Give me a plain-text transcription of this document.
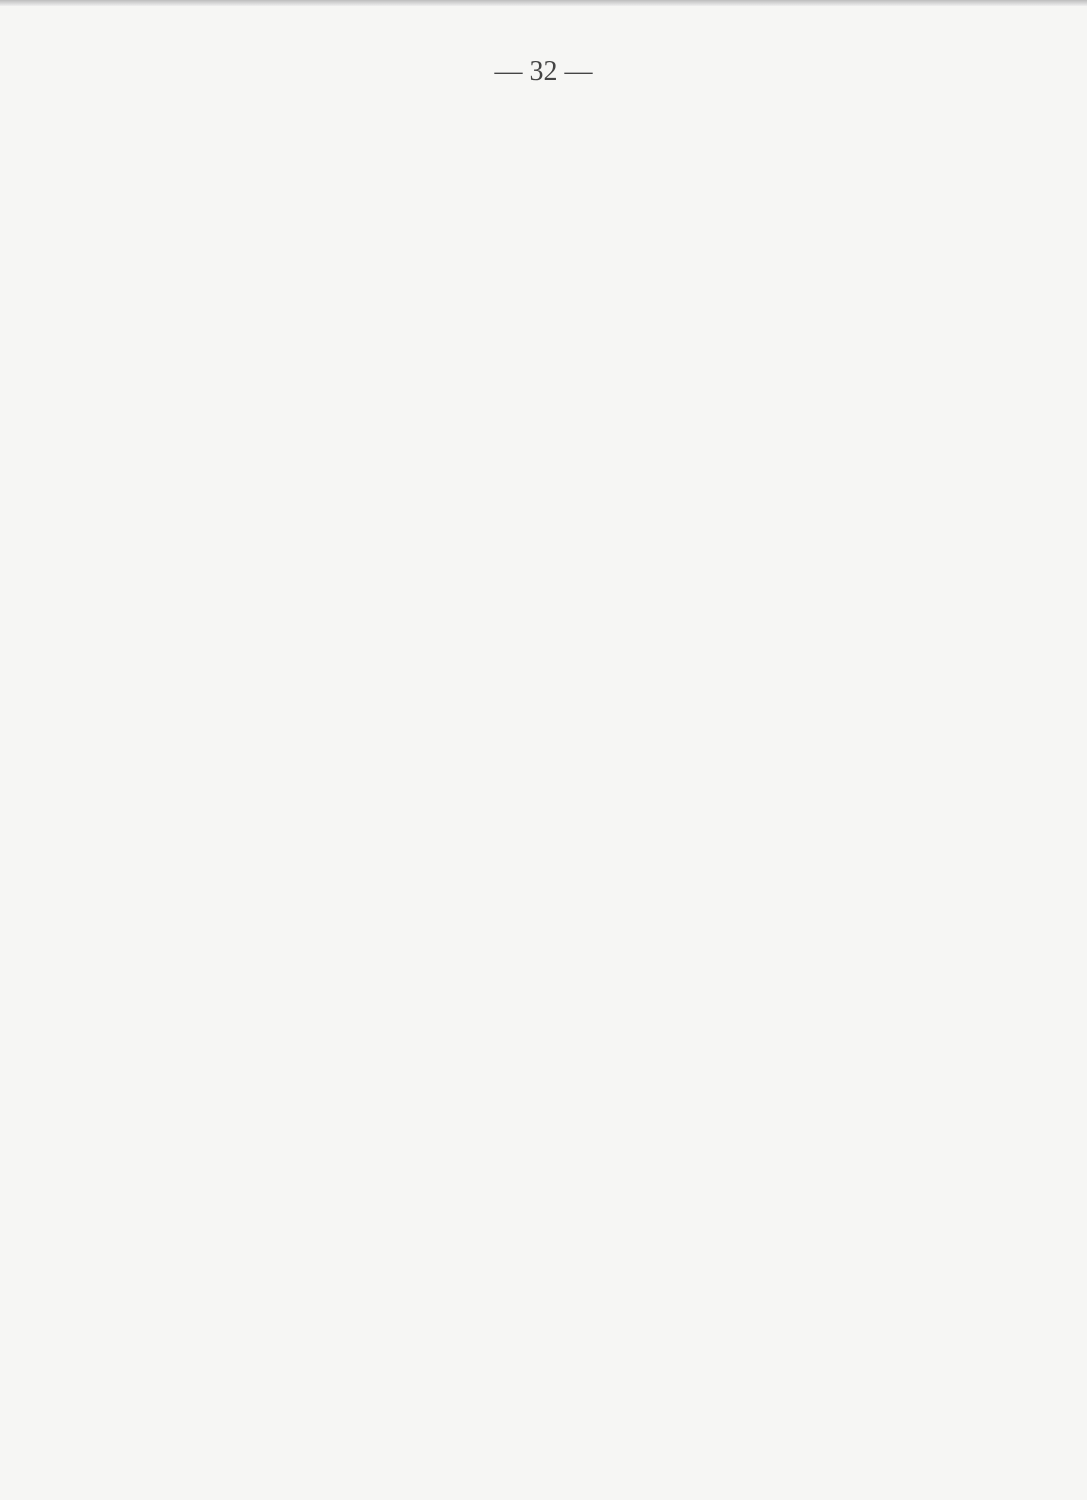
— 32 —
